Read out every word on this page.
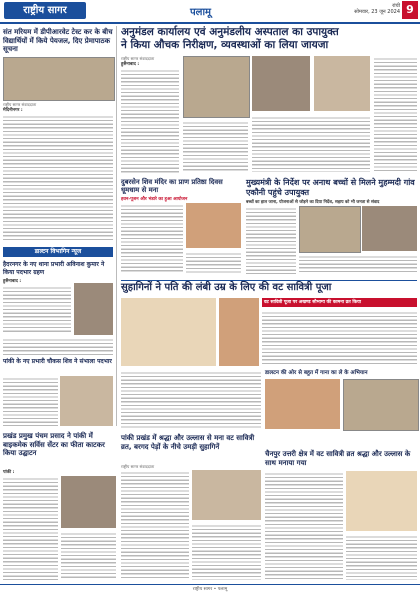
राष्ट्रीय सागर	पलामू
रांची
सोमवार, 23 जून 2024 9
संत मरियम में डीपीआरवेट टेस्ट कर के बीच विद्यार्थियों में किये पेयजल, दिए प्रेमापाठक सूचना
राष्ट्रीय सागर संवाददाता
मेदिनीनगर :
डाल्टन विभागिन न्यूज
हैदरनगर के नए थाना प्रभारी अविनाश कुमार ने किया पदभार ग्रहण
हुसैनाबाद :
पांकी के नए प्रभारी चौकस शिव ने संभाला पदभार
अनुमंडल कार्यालय एवं अनुमंडलीय अस्पताल का उपायुक्त
ने किया औचक निरीक्षण, व्यवस्थाओं का लिया जायजा
राष्ट्रीय सागर संवाददाता
हुसैनाबाद :
दुबरसेन शिव मंदिर का प्राण प्रतिष्ठा दिवस धूमधाम से मना
हवन-पूजन और भंडारे का हुआ आयोजन
मुख्यमंत्री के निर्देश पर अनाथ बच्चों से मिलने मुहम्मदी गांव एकौनी पहुंचे उपायुक्त
बच्चों का हाल जाना, योजनाओं से जोड़ने का दिया निर्देश, सहाय को भी जनता से संवाद
सुहागिनों ने पति की लंबी उम्र के लिए की वट सावित्री पूजा
वट सावित्री पूजा पर अखण्ड सौभाग्य की कामना व्रत किया
पांकी प्रखंड में श्रद्धा और उल्लास से मना वट सावित्री व्रत, बरगद पेड़ों के नीचे उमड़ी सुहागिनें
राष्ट्रीय सागर संवाददाता
डालटन की ओर से बहुत में गाना का ले के अभियान
चैनपुर उत्तरी क्षेत्र में वट सावित्री व्रत श्रद्धा और उल्लास के साथ मनाया गया
प्रखंड प्रमुख पंचम प्रसाद ने पांकी में बाइकमेक सर्विस सेंटर का फीता काटकर किया उद्घाटन
पांकी :
राष्ट्रीय सागर • पलामू
